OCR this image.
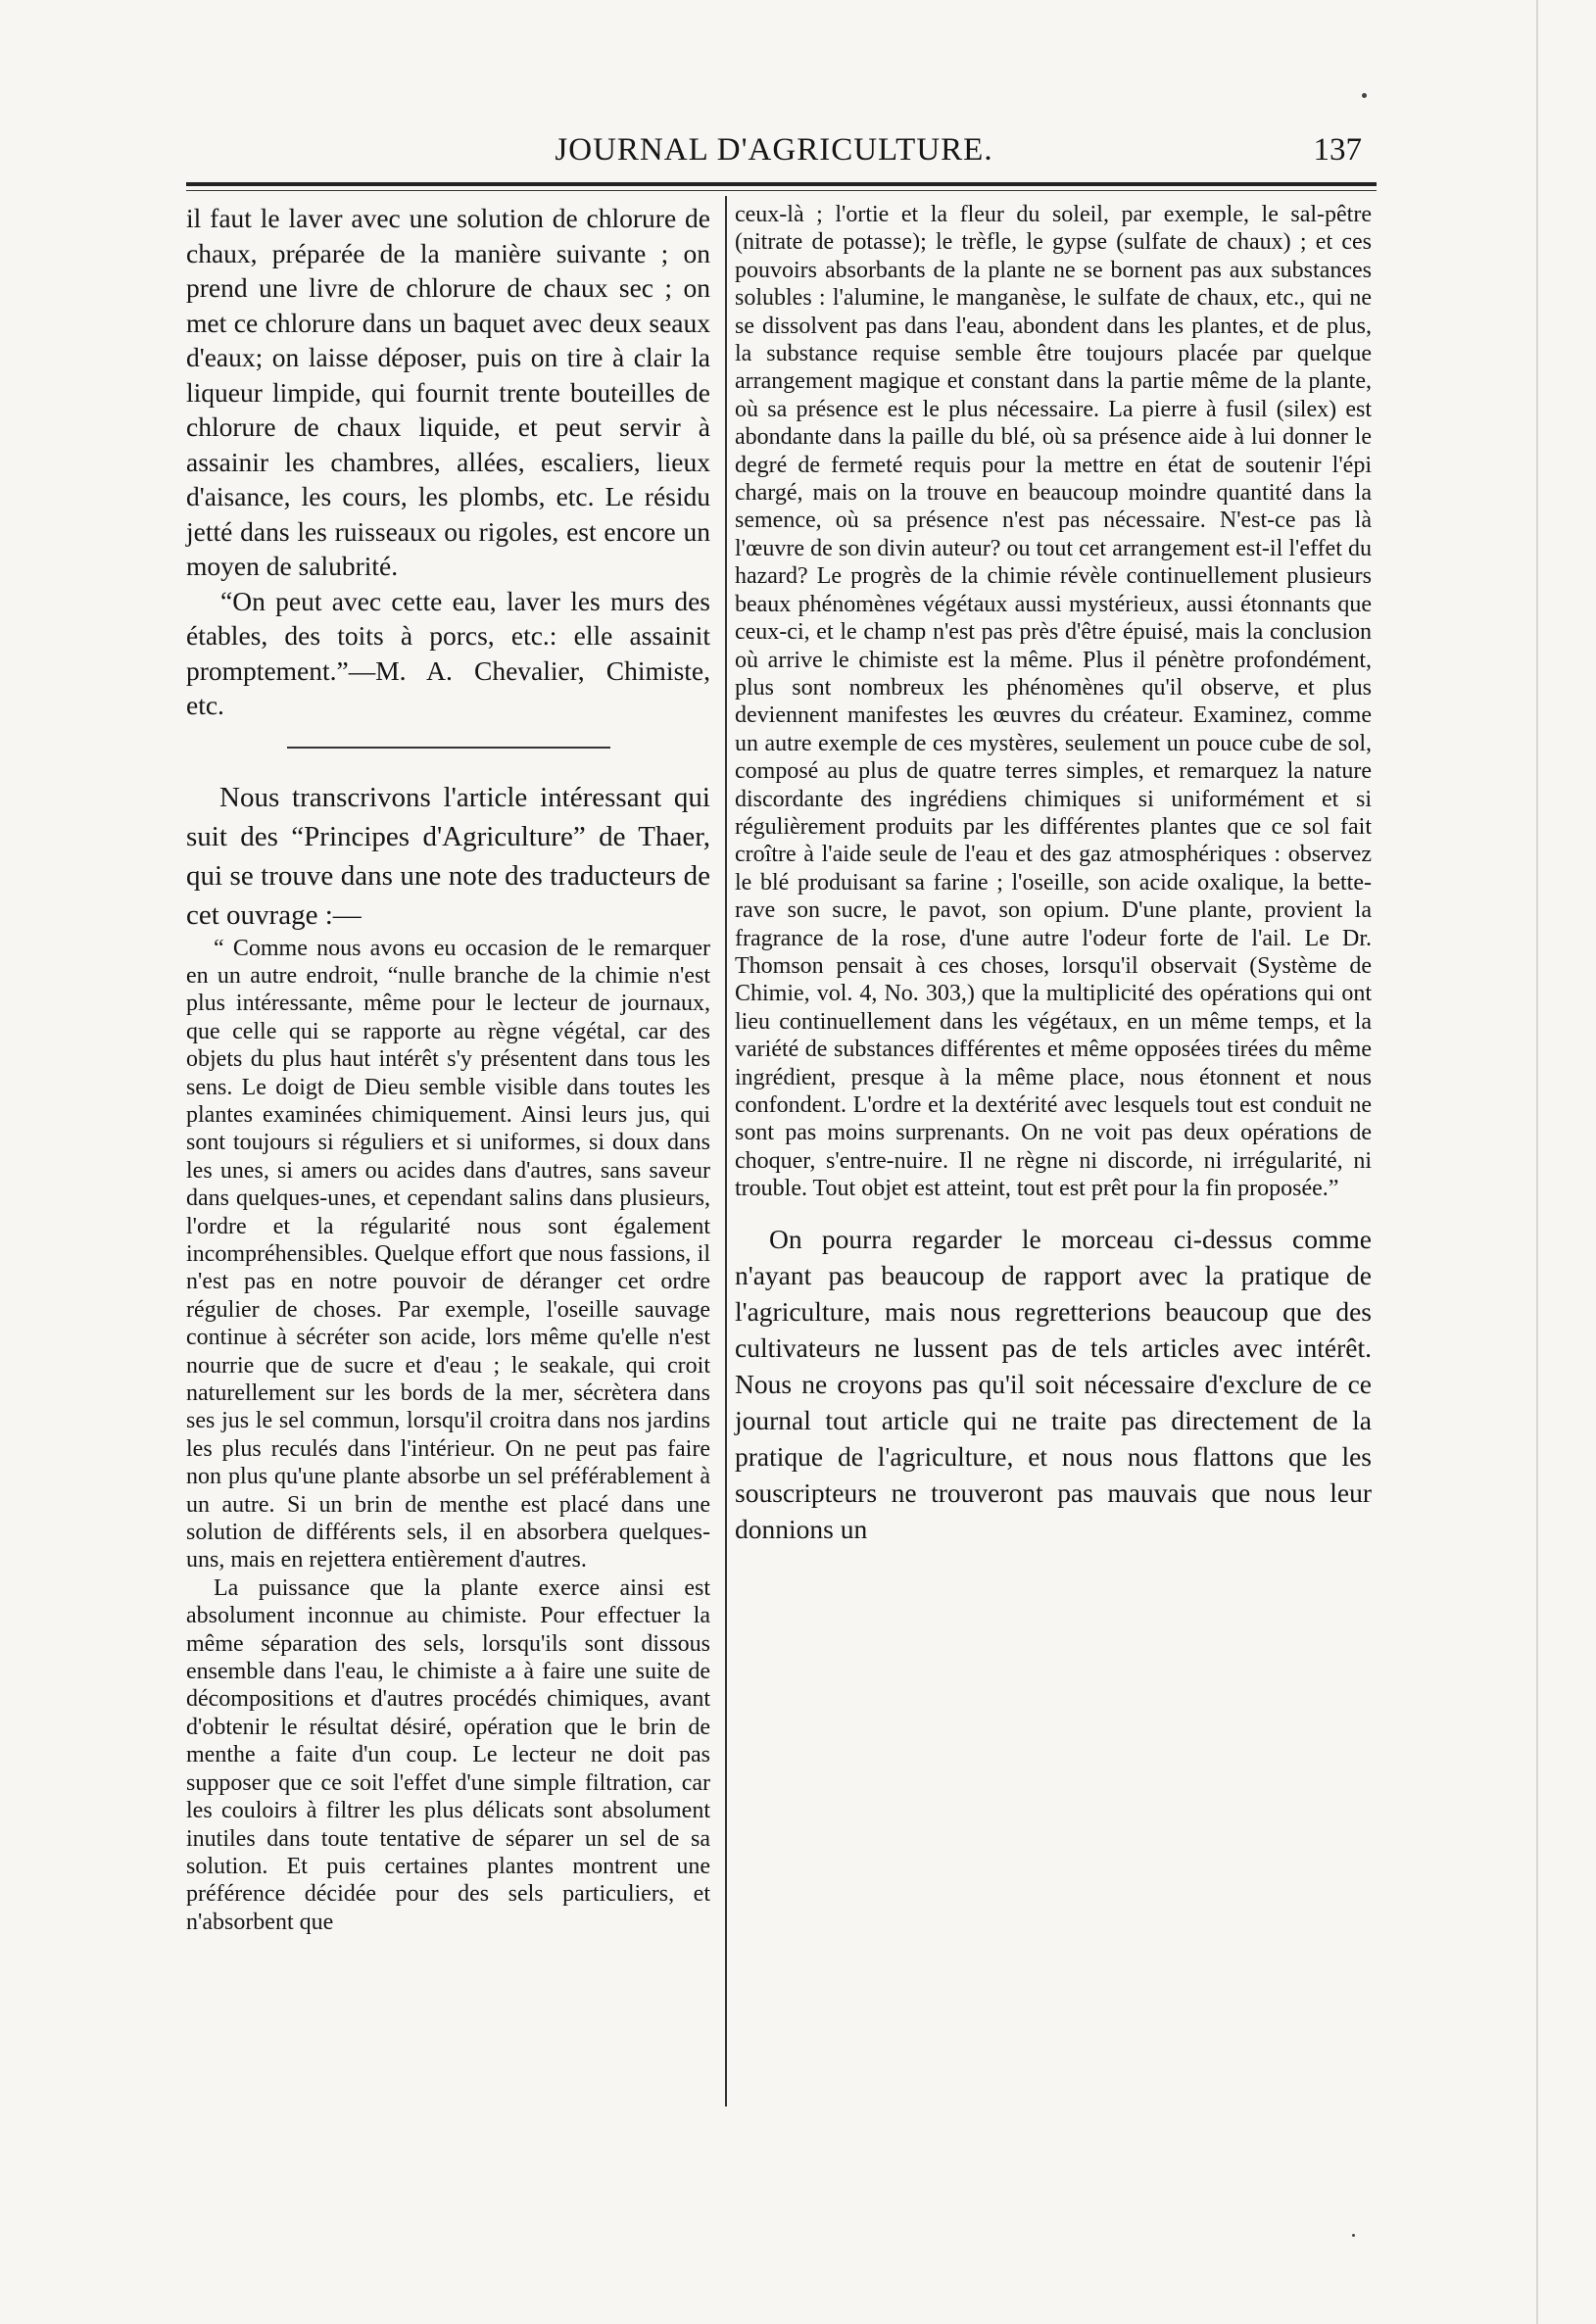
JOURNAL D'AGRICULTURE.	137

il faut le laver avec une solution de chlorure de chaux, préparée de la manière suivante ; on prend une livre de chlorure de chaux sec ; on met ce chlorure dans un baquet avec deux seaux d'eaux; on laisse déposer, puis on tire à clair la liqueur limpide, qui fournit trente bouteilles de chlorure de chaux liquide, et peut servir à assainir les chambres, allées, escaliers, lieux d'aisance, les cours, les plombs, etc. Le résidu jetté dans les ruisseaux ou rigoles, est encore un moyen de salubrité.

“On peut avec cette eau, laver les murs des étables, des toits à porcs, etc.: elle assainit promptement.”—M. A. Chevalier, Chimiste, etc.

Nous transcrivons l'article intéressant qui suit des “Principes d'Agriculture” de Thaer, qui se trouve dans une note des traducteurs de cet ouvrage :—

“ Comme nous avons eu occasion de le remarquer en un autre endroit, “nulle branche de la chimie n'est plus intéressante, même pour le lecteur de journaux, que celle qui se rapporte au règne végétal, car des objets du plus haut intérêt s'y présentent dans tous les sens. Le doigt de Dieu semble visible dans toutes les plantes examinées chimiquement. Ainsi leurs jus, qui sont toujours si réguliers et si uniformes, si doux dans les unes, si amers ou acides dans d'autres, sans saveur dans quelques-unes, et cependant salins dans plusieurs, l'ordre et la régularité nous sont également incompréhensibles. Quelque effort que nous fassions, il n'est pas en notre pouvoir de déranger cet ordre régulier de choses. Par exemple, l'oseille sauvage continue à sécréter son acide, lors même qu'elle n'est nourrie que de sucre et d'eau ; le seakale, qui croit naturellement sur les bords de la mer, sécrètera dans ses jus le sel commun, lorsqu'il croitra dans nos jardins les plus reculés dans l'intérieur. On ne peut pas faire non plus qu'une plante absorbe un sel préférablement à un autre. Si un brin de menthe est placé dans une solution de différents sels, il en absorbera quelques-uns, mais en rejettera entièrement d'autres.

La puissance que la plante exerce ainsi est absolument inconnue au chimiste. Pour effectuer la même séparation des sels, lorsqu'ils sont dissous ensemble dans l'eau, le chimiste a à faire une suite de décompositions et d'autres procédés chimiques, avant d'obtenir le résultat désiré, opération que le brin de menthe a faite d'un coup. Le lecteur ne doit pas supposer que ce soit l'effet d'une simple filtration, car les couloirs à filtrer les plus délicats sont absolument inutiles dans toute tentative de séparer un sel de sa solution. Et puis certaines plantes montrent une préférence décidée pour des sels particuliers, et n'absorbent que

ceux-là ; l'ortie et la fleur du soleil, par exemple, le sal-pêtre (nitrate de potasse); le trèfle, le gypse (sulfate de chaux) ; et ces pouvoirs absorbants de la plante ne se bornent pas aux substances solubles : l'alumine, le manganèse, le sulfate de chaux, etc., qui ne se dissolvent pas dans l'eau, abondent dans les plantes, et de plus, la substance requise semble être toujours placée par quelque arrangement magique et constant dans la partie même de la plante, où sa présence est le plus nécessaire. La pierre à fusil (silex) est abondante dans la paille du blé, où sa présence aide à lui donner le degré de fermeté requis pour la mettre en état de soutenir l'épi chargé, mais on la trouve en beaucoup moindre quantité dans la semence, où sa présence n'est pas nécessaire. N'est-ce pas là l'œuvre de son divin auteur? ou tout cet arrangement est-il l'effet du hazard? Le progrès de la chimie révèle continuellement plusieurs beaux phénomènes végétaux aussi mystérieux, aussi étonnants que ceux-ci, et le champ n'est pas près d'être épuisé, mais la conclusion où arrive le chimiste est la même. Plus il pénètre profondément, plus sont nombreux les phénomènes qu'il observe, et plus deviennent manifestes les œuvres du créateur. Examinez, comme un autre exemple de ces mystères, seulement un pouce cube de sol, composé au plus de quatre terres simples, et remarquez la nature discordante des ingrédiens chimiques si uniformément et si régulièrement produits par les différentes plantes que ce sol fait croître à l'aide seule de l'eau et des gaz atmosphériques : observez le blé produisant sa farine ; l'oseille, son acide oxalique, la bette-rave son sucre, le pavot, son opium. D'une plante, provient la fragrance de la rose, d'une autre l'odeur forte de l'ail. Le Dr. Thomson pensait à ces choses, lorsqu'il observait (Système de Chimie, vol. 4, No. 303,) que la multiplicité des opérations qui ont lieu continuellement dans les végétaux, en un même temps, et la variété de substances différentes et même opposées tirées du même ingrédient, presque à la même place, nous étonnent et nous confondent. L'ordre et la dextérité avec lesquels tout est conduit ne sont pas moins surprenants. On ne voit pas deux opérations de choquer, s'entre-nuire. Il ne règne ni discorde, ni irrégularité, ni trouble. Tout objet est atteint, tout est prêt pour la fin proposée.”

On pourra regarder le morceau ci-dessus comme n'ayant pas beaucoup de rapport avec la pratique de l'agriculture, mais nous regretterions beaucoup que des cultivateurs ne lussent pas de tels articles avec intérêt. Nous ne croyons pas qu'il soit nécessaire d'exclure de ce journal tout article qui ne traite pas directement de la pratique de l'agriculture, et nous nous flattons que les souscripteurs ne trouveront pas mauvais que nous leur donnions un
